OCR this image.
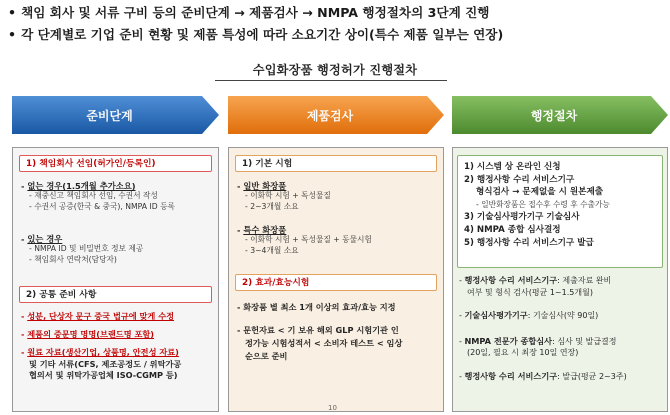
• 책임 회사 및 서류 구비 등의 준비단계 → 제품검사 → NMPA 행정절차의 3단계 진행
• 각 단계별로 기업 준비 현황 및 제품 특성에 따라 소요기간 상이(특수 제품 일부는 연장)
수입화장품 행정허가 진행절차
준비단계	제품검사	행정절차
1) 책임회사 선임(허가인/등록인)
- 없는 경우(1.5개월 추가소요)
- 재중신고 책임회사 선임, 수권서 작성
- 수권서 공증(한국 & 중국), NMPA ID 등록
- 있는 경우
- NMPA ID 및 비밀번호 정보 제공
- 책임회사 연락처(담당자)
2) 공통 준비 사항
- 성분, 단상자 문구 중국 법규에 맞게 수정
- 제품의 중문명 명명(브랜드명 포함)
- 원료 자료(생산기업, 상품명, 안전성 자료)
및 기타 서류(CFS, 제조공정도 / 위탁가공
협의서 및 위탁가공업체 ISO-CGMP 등)
1) 기본 시험
- 일반 화장품
- 이화학 시험 + 독성물질
- 2~3개월 소요
- 특수 화장품
- 이화학 시험 + 독성물질 + 동물시험
- 3~4개월 소요
2) 효과/효능시험
- 화장품 별 최소 1개 이상의 효과/효능 지정
- 문헌자료 < 기 보유 해외 GLP 시험기관 인
정가능 시험성적서 < 소비자 테스트 < 임상
순으로 준비
1) 시스템 상 온라인 신청
2) 행정사항 수리 서비스기구
형식검사 → 문제없을 시 원본제출
- 일반화장품은 접수후 수령 후 수출가능
3) 기술심사평가기구 기술심사
4) NMPA 종합 심사결정
5) 행정사항 수리 서비스기구 발급
- 행정사항 수리 서비스기구: 제출자료 완비
여부 및 형식 검사(평균 1~1.5개월)
- 기술심사평가기구: 기술심사(약 90일)
- NMPA 전문가 종합심사: 심사 및 발급결정
(20일, 필요 시 최장 10일 연장)
- 행정사항 수리 서비스기구: 발급(평균 2~3주)
10
